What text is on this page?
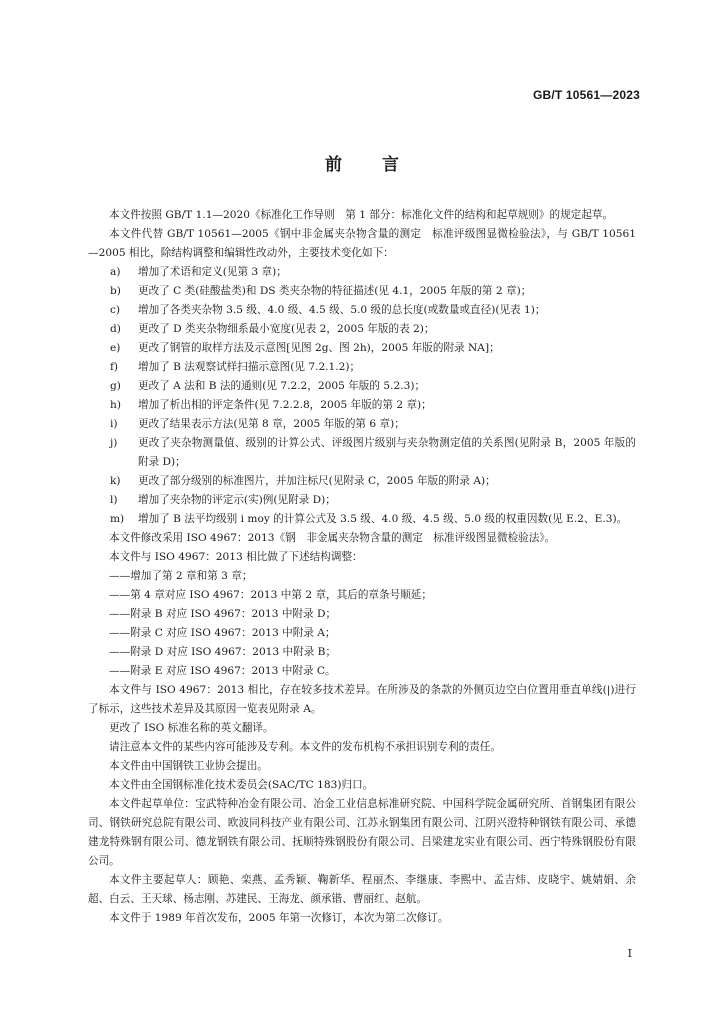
GB/T 10561—2023
前言

本文件按照 GB/T 1.1—2020《标准化工作导则　第 1 部分：标准化文件的结构和起草规则》的规定起草。

本文件代替 GB/T 10561—2005《钢中非金属夹杂物含量的测定　标准评级图显微检验法》，与 GB/T 10561—2005 相比，除结构调整和编辑性改动外，主要技术变化如下：

a)	增加了术语和定义(见第 3 章)；
b)	更改了 C 类(硅酸盐类)和 DS 类夹杂物的特征描述(见 4.1，2005 年版的第 2 章)；
c)	增加了各类夹杂物 3.5 级、4.0 级、4.5 级、5.0 级的总长度(或数量或直径)(见表 1)；
d)	更改了 D 类夹杂物细系最小宽度(见表 2，2005 年版的表 2)；
e)	更改了钢管的取样方法及示意图[见图 2g、图 2h)，2005 年版的附录 NA]；
f)	增加了 B 法观察试样扫描示意图(见 7.2.1.2)；
g)	更改了 A 法和 B 法的通则(见 7.2.2，2005 年版的 5.2.3)；
h)	增加了析出相的评定条件(见 7.2.2.8，2005 年版的第 2 章)；
i)	更改了结果表示方法(见第 8 章，2005 年版的第 6 章)；
j)	更改了夹杂物测量值、级别的计算公式、评级图片级别与夹杂物测定值的关系图(见附录 B，2005 年版的附录 D)；
k)	更改了部分级别的标准图片，并加注标尺(见附录 C，2005 年版的附录 A)；
l)	增加了夹杂物的评定示(实)例(见附录 D)；
m)	增加了 B 法平均级别 i moy 的计算公式及 3.5 级、4.0 级、4.5 级、5.0 级的权重因数(见 E.2、E.3)。

本文件修改采用 ISO 4967：2013《钢　非金属夹杂物含量的测定　标准评级图显微检验法》。

本文件与 ISO 4967：2013 相比做了下述结构调整：

——增加了第 2 章和第 3 章；

——第 4 章对应 ISO 4967：2013 中第 2 章，其后的章条号顺延；

——附录 B 对应 ISO 4967：2013 中附录 D；

——附录 C 对应 ISO 4967：2013 中附录 A；

——附录 D 对应 ISO 4967：2013 中附录 B；

——附录 E 对应 ISO 4967：2013 中附录 C。

本文件与 ISO 4967：2013 相比，存在较多技术差异。在所涉及的条款的外侧页边空白位置用垂直单线(|)进行了标示，这些技术差异及其原因一览表见附录 A。

更改了 ISO 标准名称的英文翻译。

请注意本文件的某些内容可能涉及专利。本文件的发布机构不承担识别专利的责任。

本文件由中国钢铁工业协会提出。

本文件由全国钢标准化技术委员会(SAC/TC 183)归口。

本文件起草单位：宝武特种冶金有限公司、冶金工业信息标准研究院、中国科学院金属研究所、首钢集团有限公司、钢铁研究总院有限公司、欧波同科技产业有限公司、江苏永钢集团有限公司、江阴兴澄特种钢铁有限公司、承德建龙特殊钢有限公司、德龙钢铁有限公司、抚顺特殊钢股份有限公司、吕梁建龙实业有限公司、西宁特殊钢股份有限公司。

本文件主要起草人：顾艳、栾燕、孟秀颖、鞠新华、程丽杰、李继康、李熙中、孟吉炜、皮晓宇、姚婧娟、余超、白云、王天球、杨志刚、苏建民、王海龙、颜承锴、曹丽红、赵航。

本文件于 1989 年首次发布，2005 年第一次修订，本次为第二次修订。

I
